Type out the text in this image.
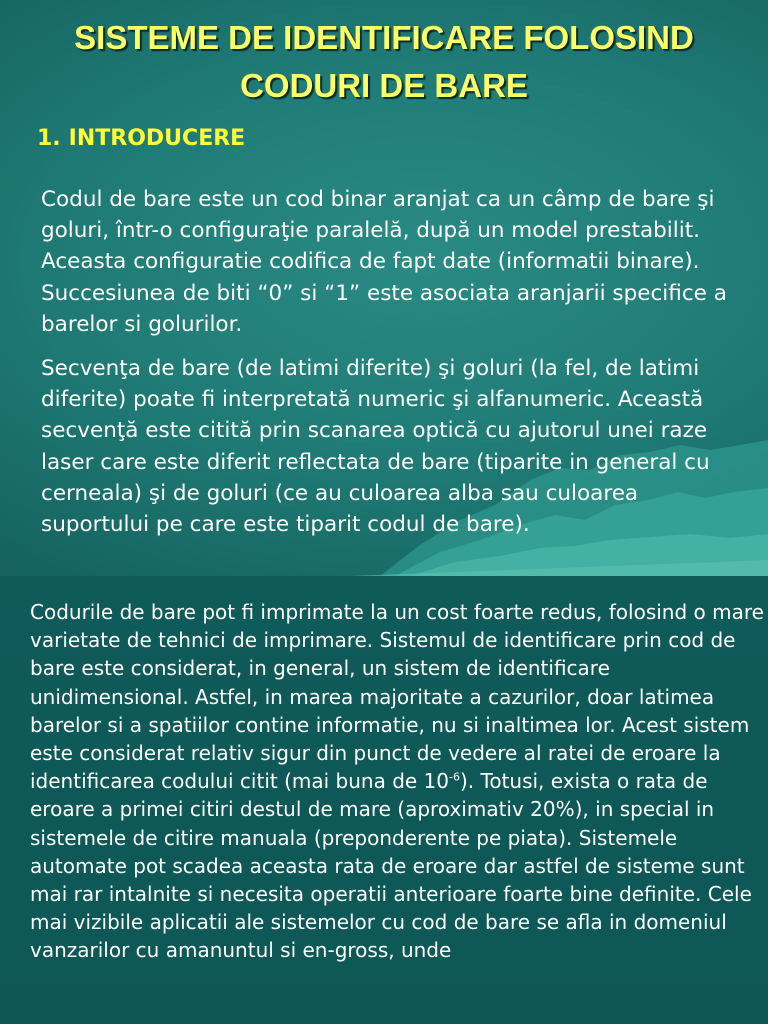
SISTEME DE IDENTIFICARE FOLOSIND
CODURI DE BARE
1. INTRODUCERE

Codul de bare este un cod binar aranjat ca un câmp de bare şi goluri, într-o configuraţie paralelă, după un model prestabilit. Aceasta configuratie codifica de fapt date (informatii binare). Succesiunea de biti “0” si “1” este asociata aranjarii specifice a barelor si golurilor.

Secvenţa de bare (de latimi diferite) şi goluri (la fel, de latimi diferite) poate fi interpretată numeric şi alfanumeric. Această secvenţă este citită prin scanarea optică cu ajutorul unei raze laser care este diferit reflectata de bare (tiparite in general cu cerneala) şi de goluri (ce au culoarea alba sau culoarea suportului pe care este tiparit codul de bare).

Codurile de bare pot fi imprimate la un cost foarte redus, folosind o mare varietate de tehnici de imprimare. Sistemul de identificare prin cod de bare este considerat, in general, un sistem de identificare unidimensional. Astfel, in marea majoritate a cazurilor, doar latimea barelor si a spatiilor contine informatie, nu si inaltimea lor. Acest sistem este considerat relativ sigur din punct de vedere al ratei de eroare la identificarea codului citit (mai buna de $10^{-6}$). Totusi, exista o rata de eroare a primei citiri destul de mare (aproximativ 20%), in special in sistemele de citire manuala (preponderente pe piata). Sistemele automate pot scadea aceasta rata de eroare dar astfel de sisteme sunt mai rar intalnite si necesita operatii anterioare foarte bine definite. Cele mai vizibile aplicatii ale sistemelor cu cod de bare se afla in domeniul vanzarilor cu amanuntul si en-gross, unde
